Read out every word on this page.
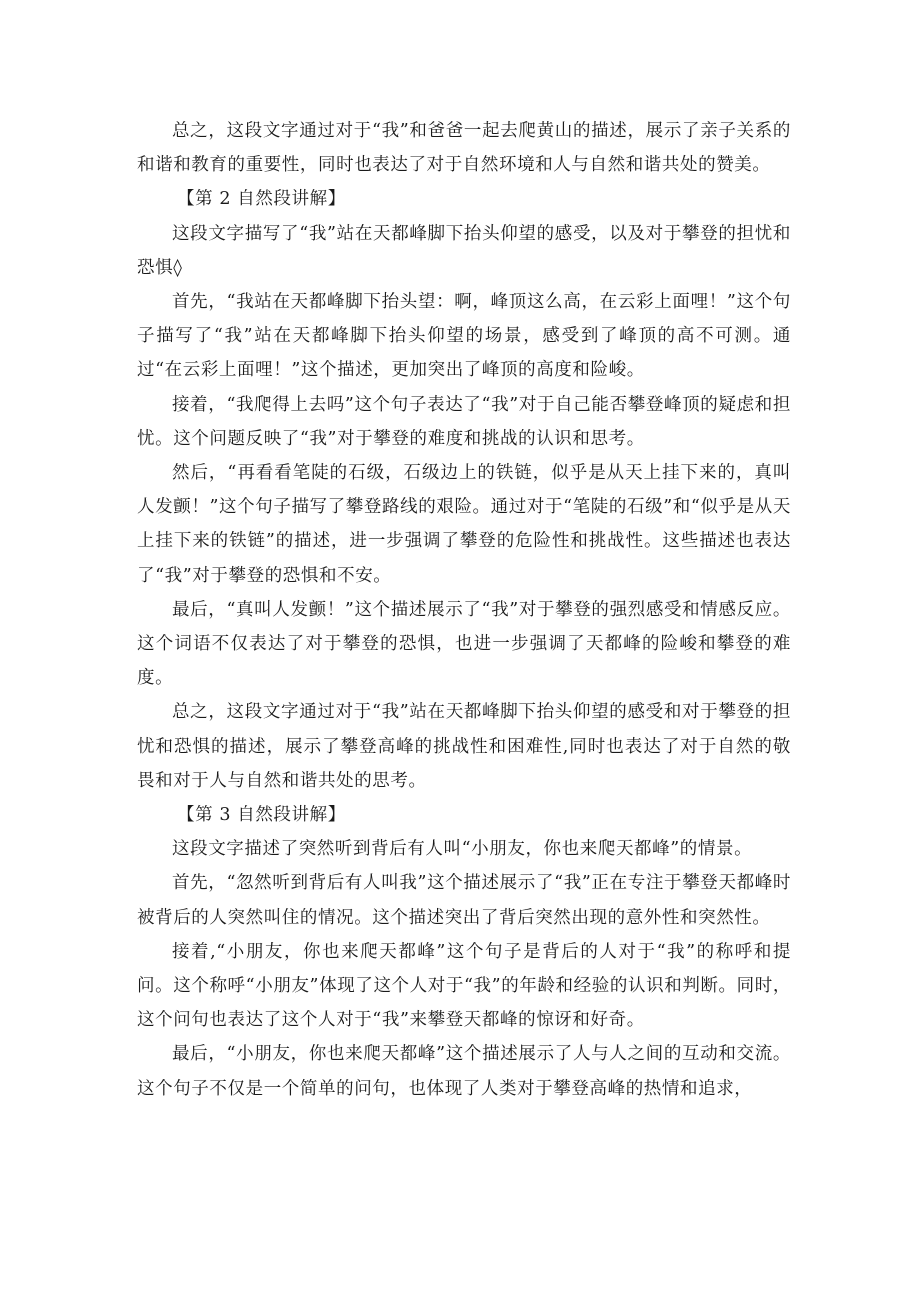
总之，这段文字通过对于“我”和爸爸一起去爬黄山的描述，展示了亲子关系的和谐和教育的重要性，同时也表达了对于自然环境和人与自然和谐共处的赞美。

【第 2 自然段讲解】

这段文字描写了“我”站在天都峰脚下抬头仰望的感受，以及对于攀登的担忧和恐惧◊

首先，“我站在天都峰脚下抬头望：啊，峰顶这么高，在云彩上面哩！”这个句子描写了“我”站在天都峰脚下抬头仰望的场景，感受到了峰顶的高不可测。通过“在云彩上面哩！”这个描述，更加突出了峰顶的高度和险峻。

接着，“我爬得上去吗”这个句子表达了“我”对于自己能否攀登峰顶的疑虑和担忧。这个问题反映了“我”对于攀登的难度和挑战的认识和思考。

然后，“再看看笔陡的石级，石级边上的铁链，似乎是从天上挂下来的，真叫人发颤！”这个句子描写了攀登路线的艰险。通过对于“笔陡的石级”和“似乎是从天上挂下来的铁链”的描述，进一步强调了攀登的危险性和挑战性。这些描述也表达了“我”对于攀登的恐惧和不安。

最后，“真叫人发颤！”这个描述展示了“我”对于攀登的强烈感受和情感反应。这个词语不仅表达了对于攀登的恐惧，也进一步强调了天都峰的险峻和攀登的难度。

总之，这段文字通过对于“我”站在天都峰脚下抬头仰望的感受和对于攀登的担忧和恐惧的描述，展示了攀登高峰的挑战性和困难性,同时也表达了对于自然的敬畏和对于人与自然和谐共处的思考。

【第 3 自然段讲解】

这段文字描述了突然听到背后有人叫“小朋友，你也来爬天都峰”的情景。

首先，“忽然听到背后有人叫我”这个描述展示了“我”正在专注于攀登天都峰时被背后的人突然叫住的情况。这个描述突出了背后突然出现的意外性和突然性。

接着,“小朋友，你也来爬天都峰”这个句子是背后的人对于“我”的称呼和提问。这个称呼“小朋友”体现了这个人对于“我”的年龄和经验的认识和判断。同时，这个问句也表达了这个人对于“我”来攀登天都峰的惊讶和好奇。

最后，“小朋友，你也来爬天都峰”这个描述展示了人与人之间的互动和交流。这个句子不仅是一个简单的问句，也体现了人类对于攀登高峰的热情和追求，
